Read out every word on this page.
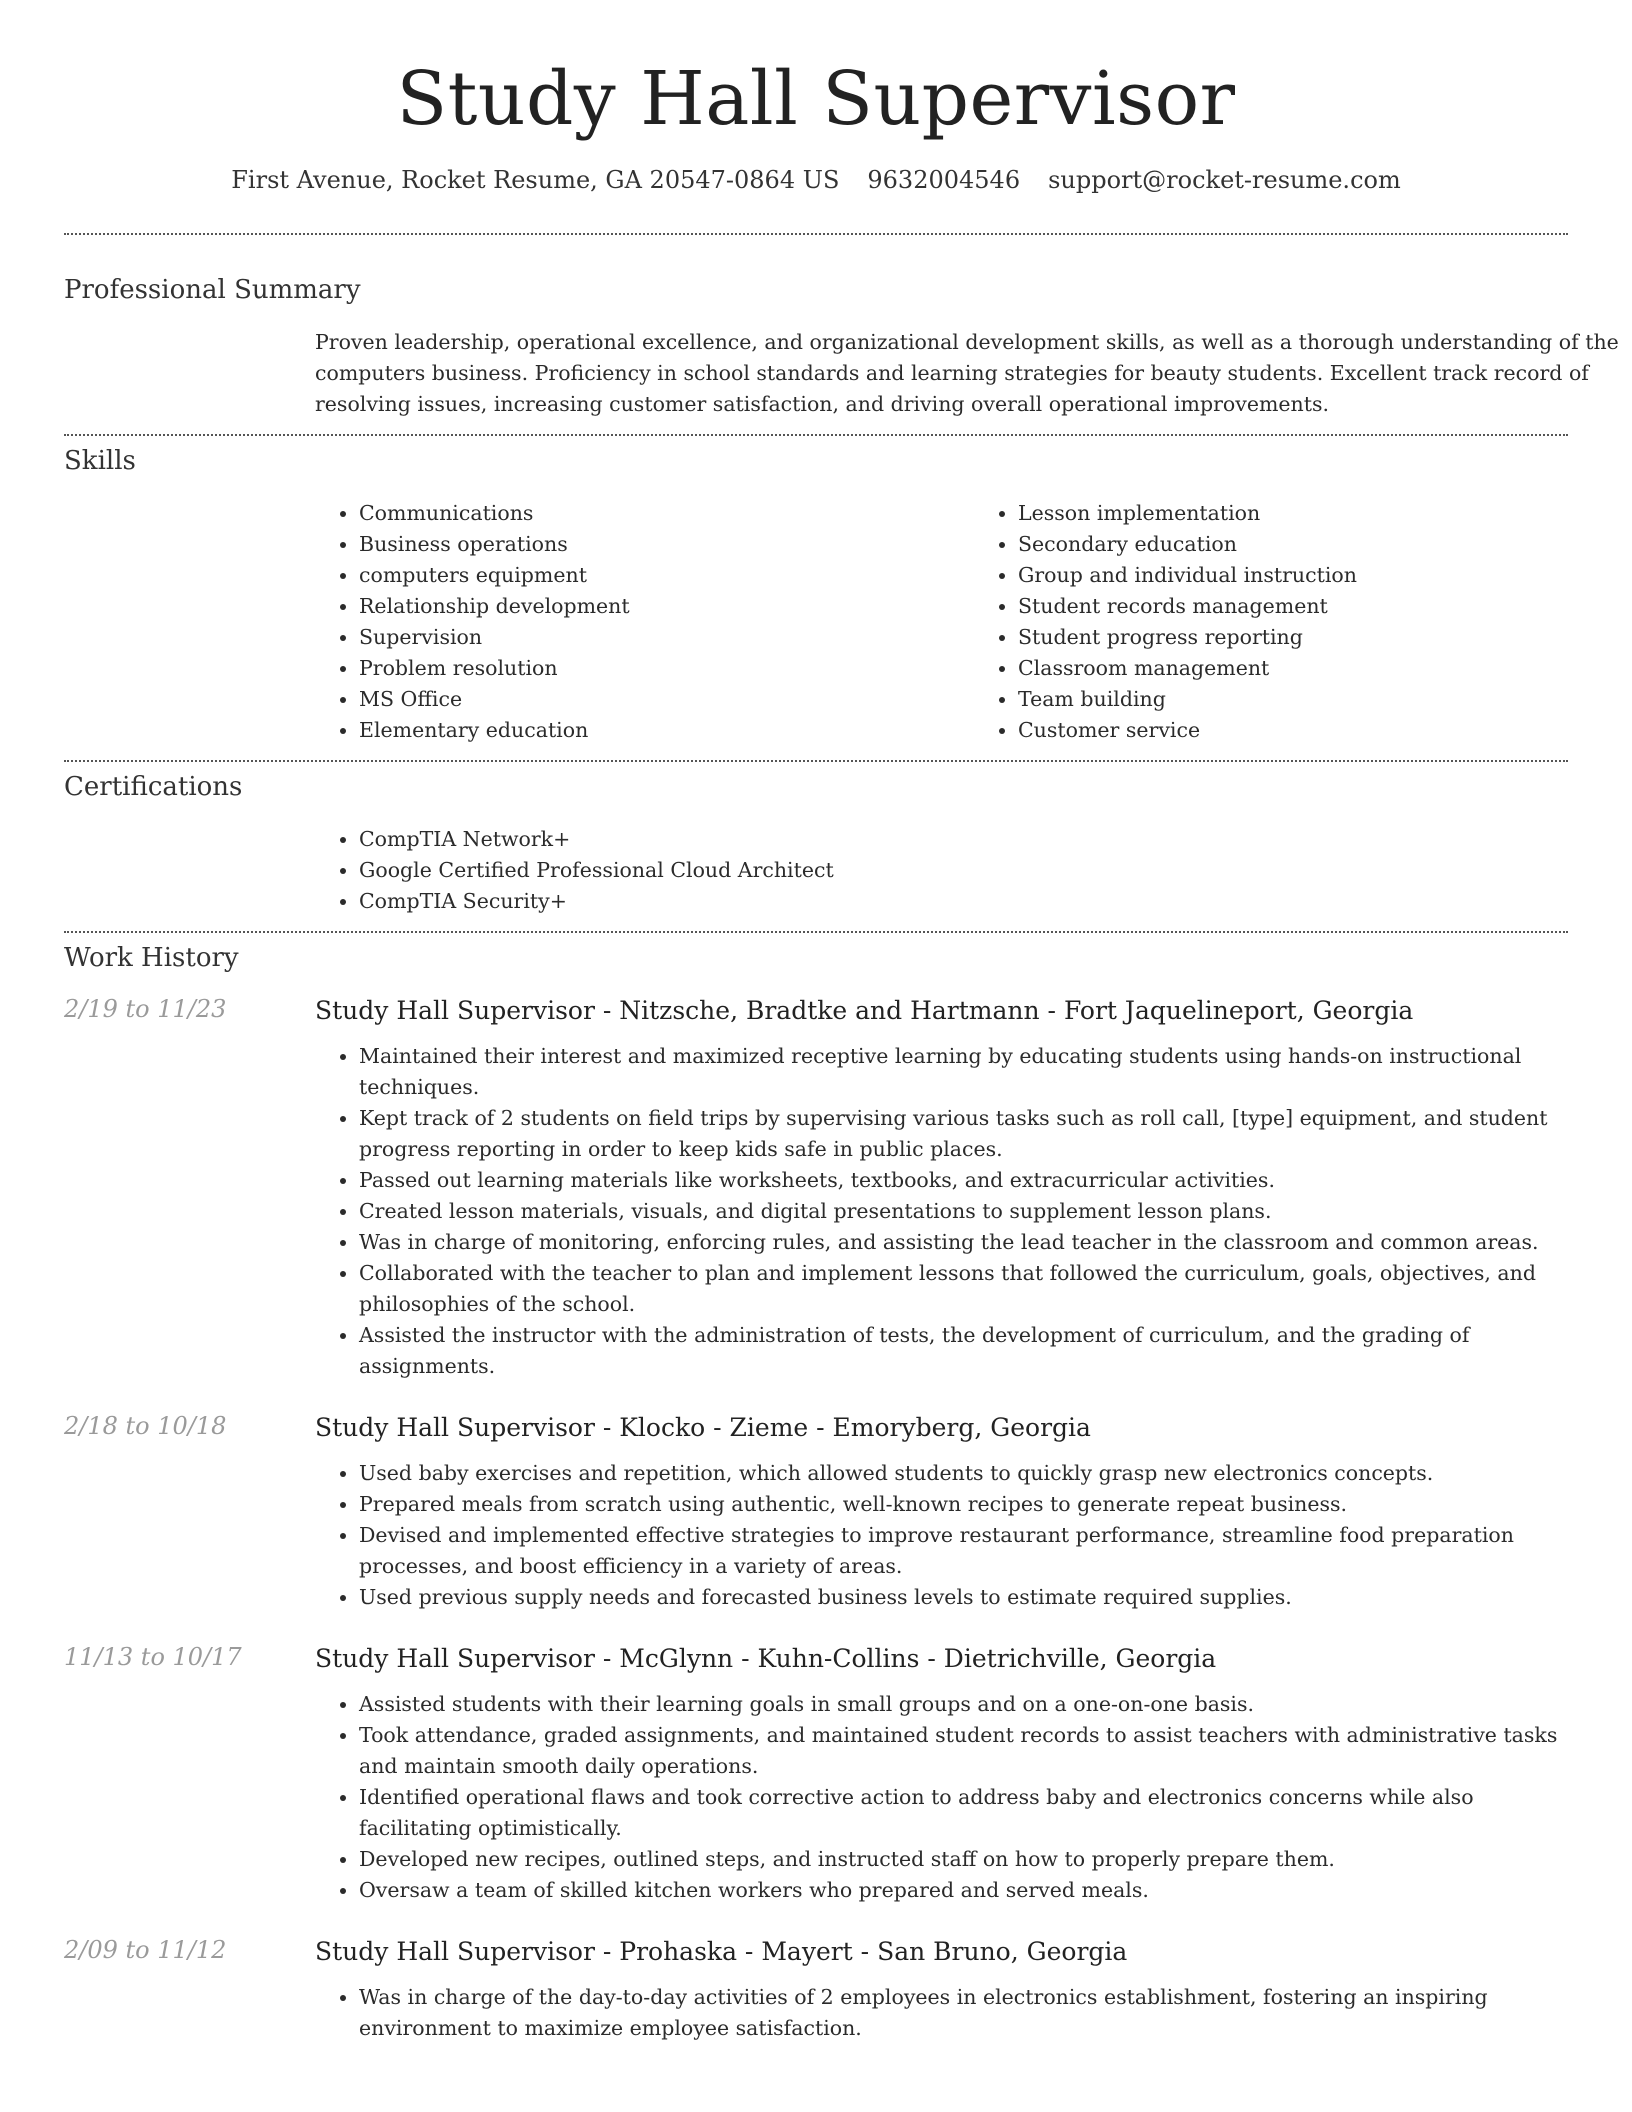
Study Hall Supervisor
First Avenue, Rocket Resume, GA 20547-0864 US 9632004546 support@rocket-resume.com
Professional Summary

Proven leadership, operational excellence, and organizational development skills, as well as a thorough understanding of the computers business. Proficiency in school standards and learning strategies for beauty students. Excellent track record of resolving issues, increasing customer satisfaction, and driving overall operational improvements.

Skills
• Communications
• Business operations
• computers equipment
• Relationship development
• Supervision
• Problem resolution
• MS Office
• Elementary education
• Lesson implementation
• Secondary education
• Group and individual instruction
• Student records management
• Student progress reporting
• Classroom management
• Team building
• Customer service
Certifications
• CompTIA Network+
• Google Certified Professional Cloud Architect
• CompTIA Security+
Work History
2/19 to 11/23	Study Hall Supervisor - Nitzsche, Bradtke and Hartmann - Fort Jaquelineport, Georgia
• Maintained their interest and maximized receptive learning by educating students using hands-on instructional techniques.
• Kept track of 2 students on field trips by supervising various tasks such as roll call, [type] equipment, and student progress reporting in order to keep kids safe in public places.
• Passed out learning materials like worksheets, textbooks, and extracurricular activities.
• Created lesson materials, visuals, and digital presentations to supplement lesson plans.
• Was in charge of monitoring, enforcing rules, and assisting the lead teacher in the classroom and common areas.
• Collaborated with the teacher to plan and implement lessons that followed the curriculum, goals, objectives, and philosophies of the school.
• Assisted the instructor with the administration of tests, the development of curriculum, and the grading of assignments.
2/18 to 10/18	Study Hall Supervisor - Klocko - Zieme - Emoryberg, Georgia
• Used baby exercises and repetition, which allowed students to quickly grasp new electronics concepts.
• Prepared meals from scratch using authentic, well-known recipes to generate repeat business.
• Devised and implemented effective strategies to improve restaurant performance, streamline food preparation processes, and boost efficiency in a variety of areas.
• Used previous supply needs and forecasted business levels to estimate required supplies.
11/13 to 10/17	Study Hall Supervisor - McGlynn - Kuhn-Collins - Dietrichville, Georgia
• Assisted students with their learning goals in small groups and on a one-on-one basis.
• Took attendance, graded assignments, and maintained student records to assist teachers with administrative tasks and maintain smooth daily operations.
• Identified operational flaws and took corrective action to address baby and electronics concerns while also facilitating optimistically.
• Developed new recipes, outlined steps, and instructed staff on how to properly prepare them.
• Oversaw a team of skilled kitchen workers who prepared and served meals.
2/09 to 11/12	Study Hall Supervisor - Prohaska - Mayert - San Bruno, Georgia
• Was in charge of the day-to-day activities of 2 employees in electronics establishment, fostering an inspiring environment to maximize employee satisfaction.
